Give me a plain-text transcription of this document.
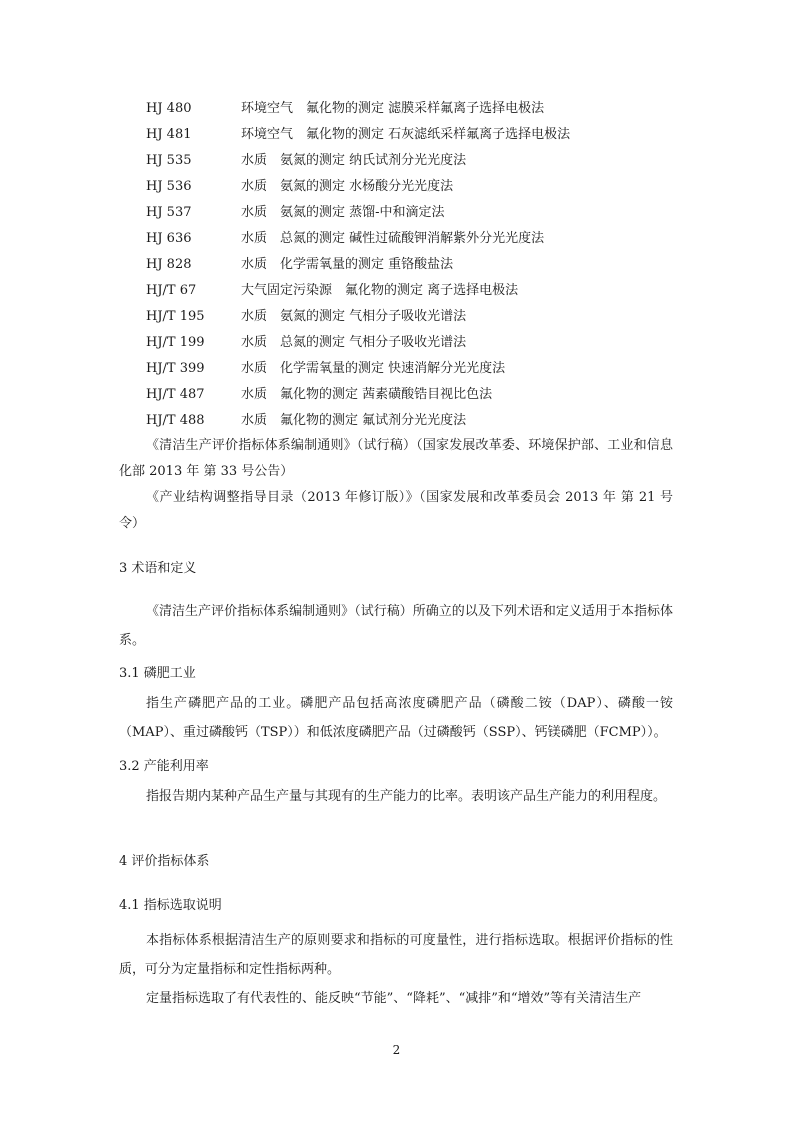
HJ 480	环境空气　氟化物的测定 滤膜采样氟离子选择电极法
HJ 481	环境空气　氟化物的测定 石灰滤纸采样氟离子选择电极法
HJ 535	水质　氨氮的测定 纳氏试剂分光光度法
HJ 536	水质　氨氮的测定 水杨酸分光光度法
HJ 537	水质　氨氮的测定 蒸馏-中和滴定法
HJ 636	水质　总氮的测定 碱性过硫酸钾消解紫外分光光度法
HJ 828	水质　化学需氧量的测定 重铬酸盐法
HJ/T 67	大气固定污染源　氟化物的测定 离子选择电极法
HJ/T 195	水质　氨氮的测定 气相分子吸收光谱法
HJ/T 199	水质　总氮的测定 气相分子吸收光谱法
HJ/T 399	水质　化学需氧量的测定 快速消解分光光度法
HJ/T 487	水质　氟化物的测定 茜素磺酸锆目视比色法
HJ/T 488	水质　氟化物的测定 氟试剂分光光度法

《清洁生产评价指标体系编制通则》（试行稿）（国家发展改革委、环境保护部、工业和信息化部 2013 年 第 33 号公告）

《产业结构调整指导目录（2013 年修订版）》（国家发展和改革委员会 2013 年 第 21 号令）

3 术语和定义

《清洁生产评价指标体系编制通则》（试行稿）所确立的以及下列术语和定义适用于本指标体系。

3.1 磷肥工业

指生产磷肥产品的工业。磷肥产品包括高浓度磷肥产品（磷酸二铵（DAP）、磷酸一铵（MAP）、重过磷酸钙（TSP））和低浓度磷肥产品（过磷酸钙（SSP）、钙镁磷肥（FCMP））。

3.2 产能利用率

指报告期内某种产品生产量与其现有的生产能力的比率。表明该产品生产能力的利用程度。

4 评价指标体系
4.1 指标选取说明

本指标体系根据清洁生产的原则要求和指标的可度量性，进行指标选取。根据评价指标的性质，可分为定量指标和定性指标两种。

定量指标选取了有代表性的、能反映“节能”、“降耗”、“减排”和“增效”等有关清洁生产

2
